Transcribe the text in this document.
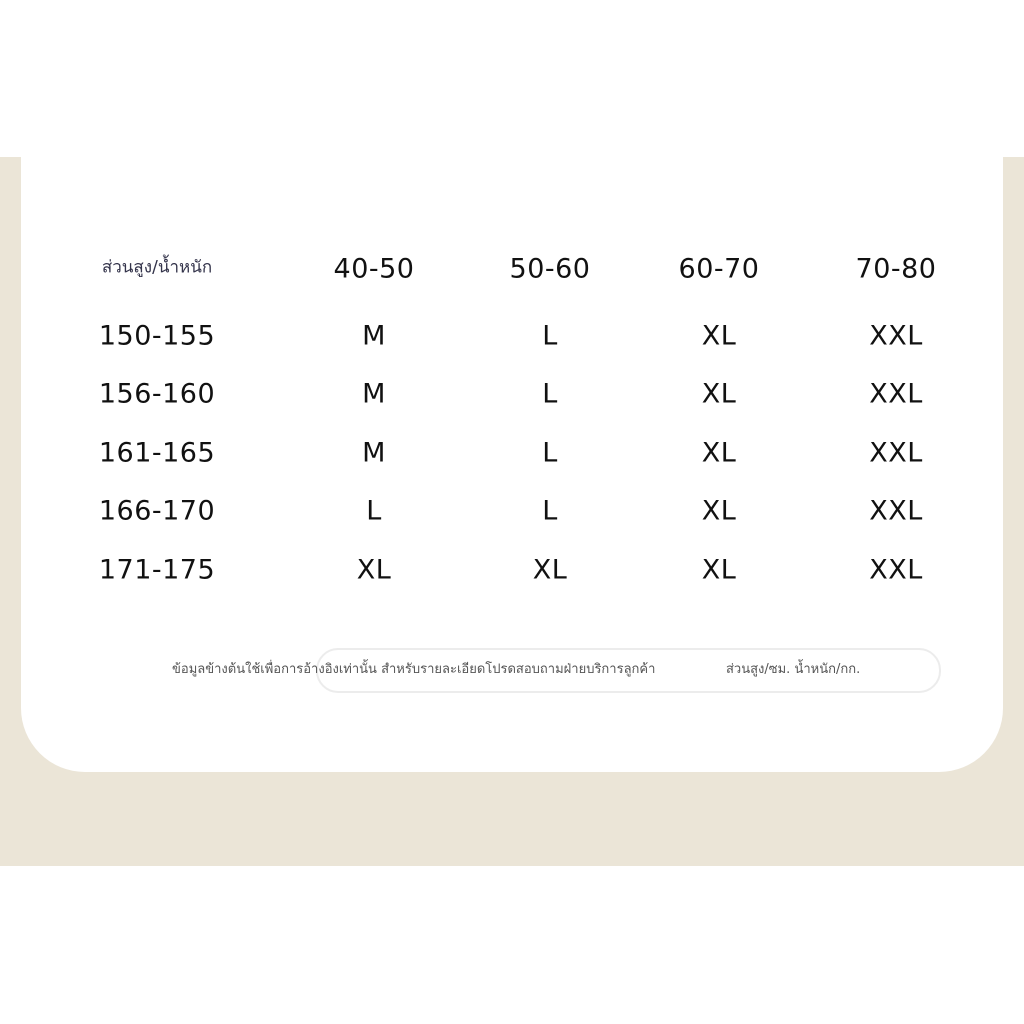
ส่วนสูง/น้ำหนัก	40-50	50-60	60-70	70-80
150-155	M	L	XL	XXL
156-160	M	L	XL	XXL
161-165	M	L	XL	XXL
166-170	L	L	XL	XXL
171-175	XL	XL	XL	XXL
ข้อมูลข้างต้นใช้เพื่อการอ้างอิงเท่านั้น สำหรับรายละเอียดโปรดสอบถามฝ่ายบริการลูกค้า	ส่วนสูง/ซม. น้ำหนัก/กก.
